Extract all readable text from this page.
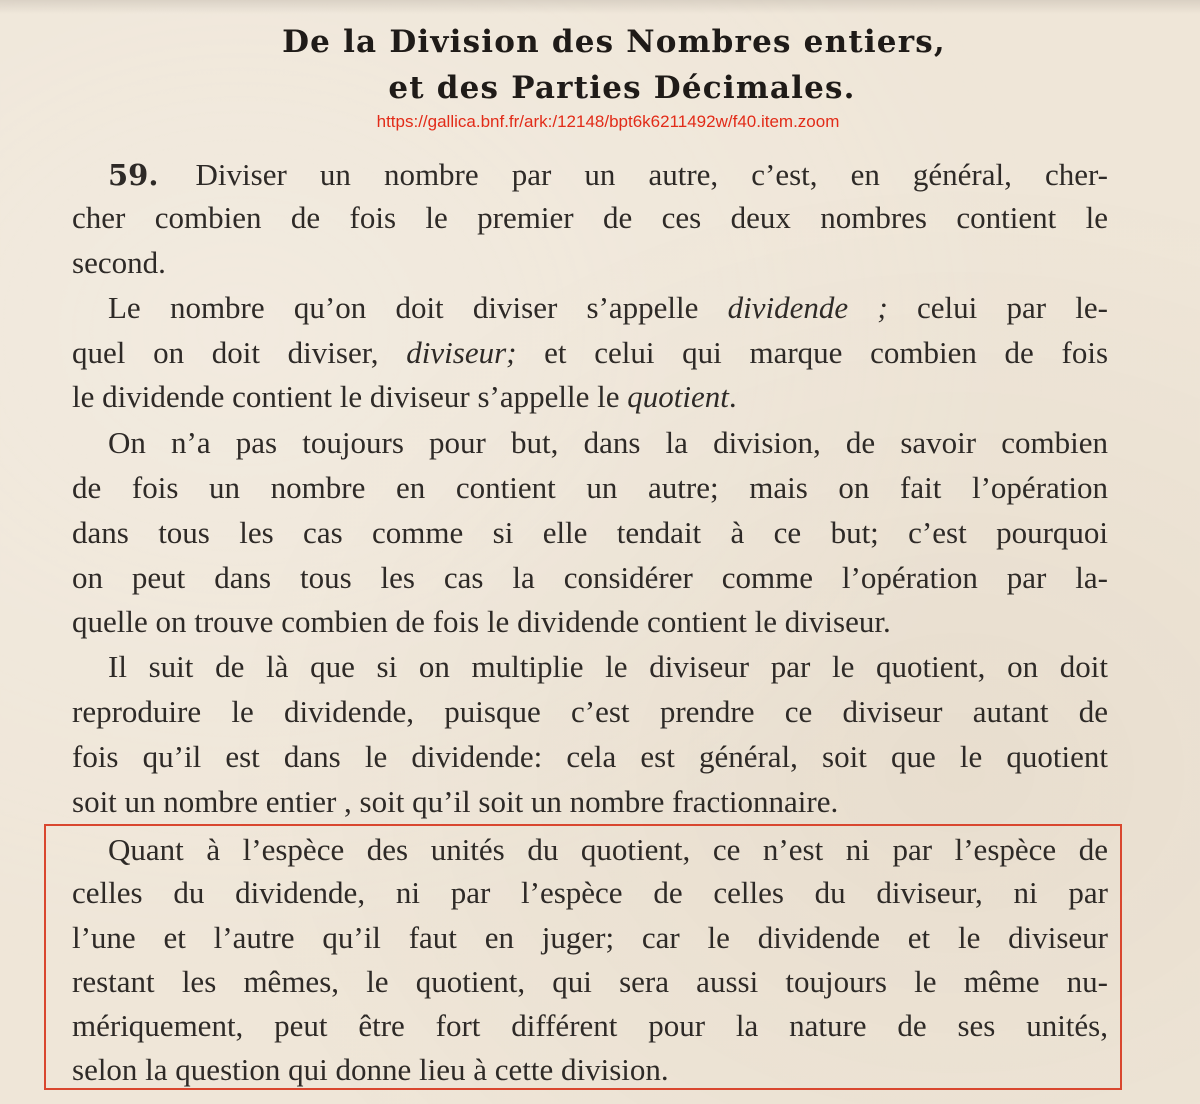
De la Division des Nombres entiers,
et des Parties Décimales.
https://gallica.bnf.fr/ark:/12148/bpt6k6211492w/f40.item.zoom
59. Diviser un nombre par un autre, c’est, en général, cher-
cher combien de fois le premier de ces deux nombres contient le
second.
Le nombre qu’on doit diviser s’appelle dividende ; celui par le-
quel on doit diviser, diviseur; et celui qui marque combien de fois
le dividende contient le diviseur s’appelle le quotient.
On n’a pas toujours pour but, dans la division, de savoir combien
de fois un nombre en contient un autre; mais on fait l’opération
dans tous les cas comme si elle tendait à ce but; c’est pourquoi
on peut dans tous les cas la considérer comme l’opération par la-
quelle on trouve combien de fois le dividende contient le diviseur.
Il suit de là que si on multiplie le diviseur par le quotient, on doit
reproduire le dividende, puisque c’est prendre ce diviseur autant de
fois qu’il est dans le dividende: cela est général, soit que le quotient
soit un nombre entier , soit qu’il soit un nombre fractionnaire.
Quant à l’espèce des unités du quotient, ce n’est ni par l’espèce de
celles du dividende, ni par l’espèce de celles du diviseur, ni par
l’une et l’autre qu’il faut en juger; car le dividende et le diviseur
restant les mêmes, le quotient, qui sera aussi toujours le même nu-
mériquement, peut être fort différent pour la nature de ses unités,
selon la question qui donne lieu à cette division.
